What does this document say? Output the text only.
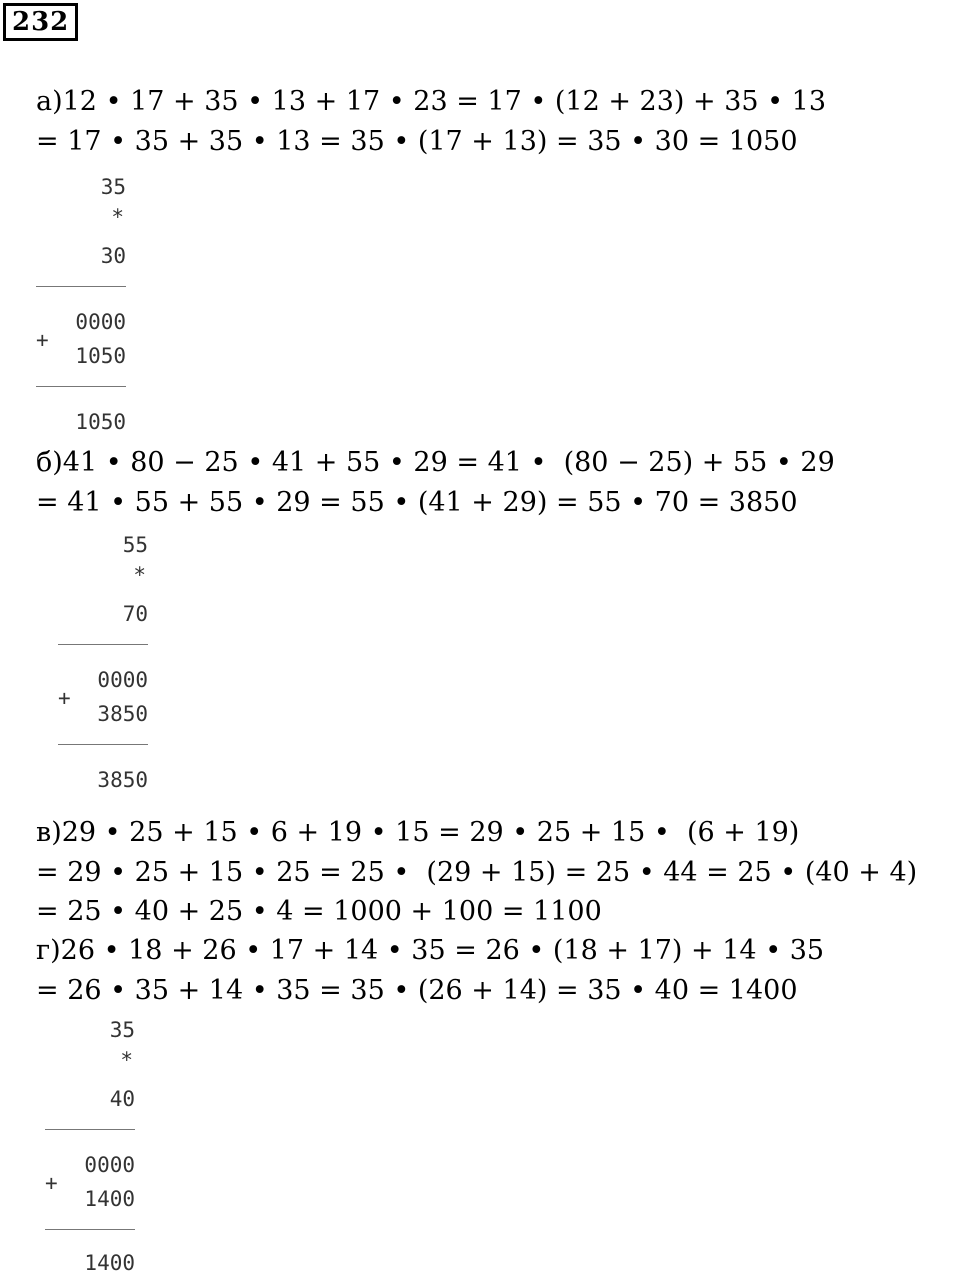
232
а)12 • 17 + 35 • 13 + 17 • 23 = 17 • (12 + 23) + 35 • 13
= 17 • 35 + 35 • 13 = 35 • (17 + 13) = 35 • 30 = 1050
35
*
30
0000
+
1050
1050
б)41 • 80 − 25 • 41 + 55 • 29 = 41 •  (80 − 25) + 55 • 29
= 41 • 55 + 55 • 29 = 55 • (41 + 29) = 55 • 70 = 3850
55
*
70
0000
+
3850
3850
в)29 • 25 + 15 • 6 + 19 • 15 = 29 • 25 + 15 •  (6 + 19)
= 29 • 25 + 15 • 25 = 25 •  (29 + 15) = 25 • 44 = 25 • (40 + 4)
= 25 • 40 + 25 • 4 = 1000 + 100 = 1100
г)26 • 18 + 26 • 17 + 14 • 35 = 26 • (18 + 17) + 14 • 35
= 26 • 35 + 14 • 35 = 35 • (26 + 14) = 35 • 40 = 1400
35
*
40
0000
+
1400
1400
